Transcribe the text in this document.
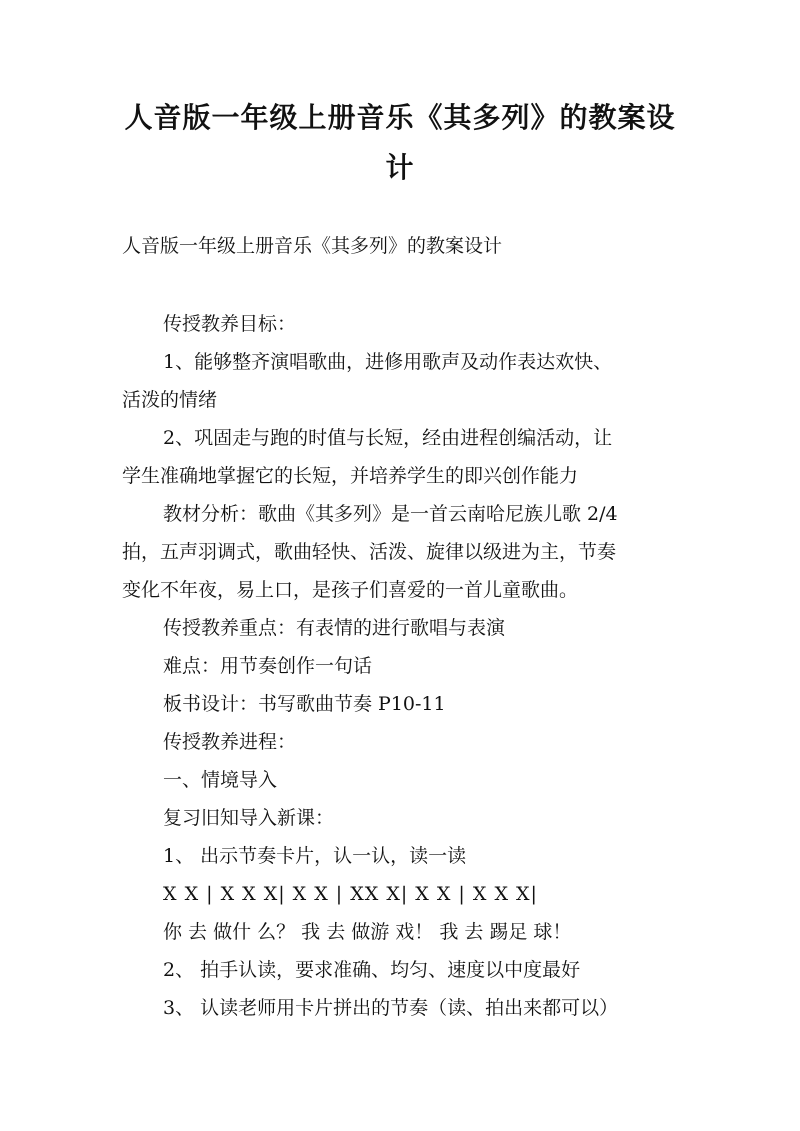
人音版一年级上册音乐《其多列》的教案设
计
人音版一年级上册音乐《其多列》的教案设计
传授教养目标：
1、能够整齐演唱歌曲，进修用歌声及动作表达欢快、
活泼的情绪
2、巩固走与跑的时值与长短，经由进程创编活动，让
学生准确地掌握它的长短，并培养学生的即兴创作能力
教材分析：歌曲《其多列》是一首云南哈尼族儿歌 2/4
拍，五声羽调式，歌曲轻快、活泼、旋律以级进为主，节奏
变化不年夜，易上口，是孩子们喜爱的一首儿童歌曲。
传授教养重点：有表情的进行歌唱与表演
难点：用节奏创作一句话
板书设计：书写歌曲节奏 P10-11
传授教养进程：
一、情境导入
复习旧知导入新课：
1、 出示节奏卡片，认一认，读一读
X X | X X X| X X | XX X| X X | X X X|
你 去 做什 么？ 我 去 做游 戏！ 我 去 踢足 球！
2、 拍手认读，要求准确、均匀、速度以中度最好
3、 认读老师用卡片拼出的节奏（读、拍出来都可以）
